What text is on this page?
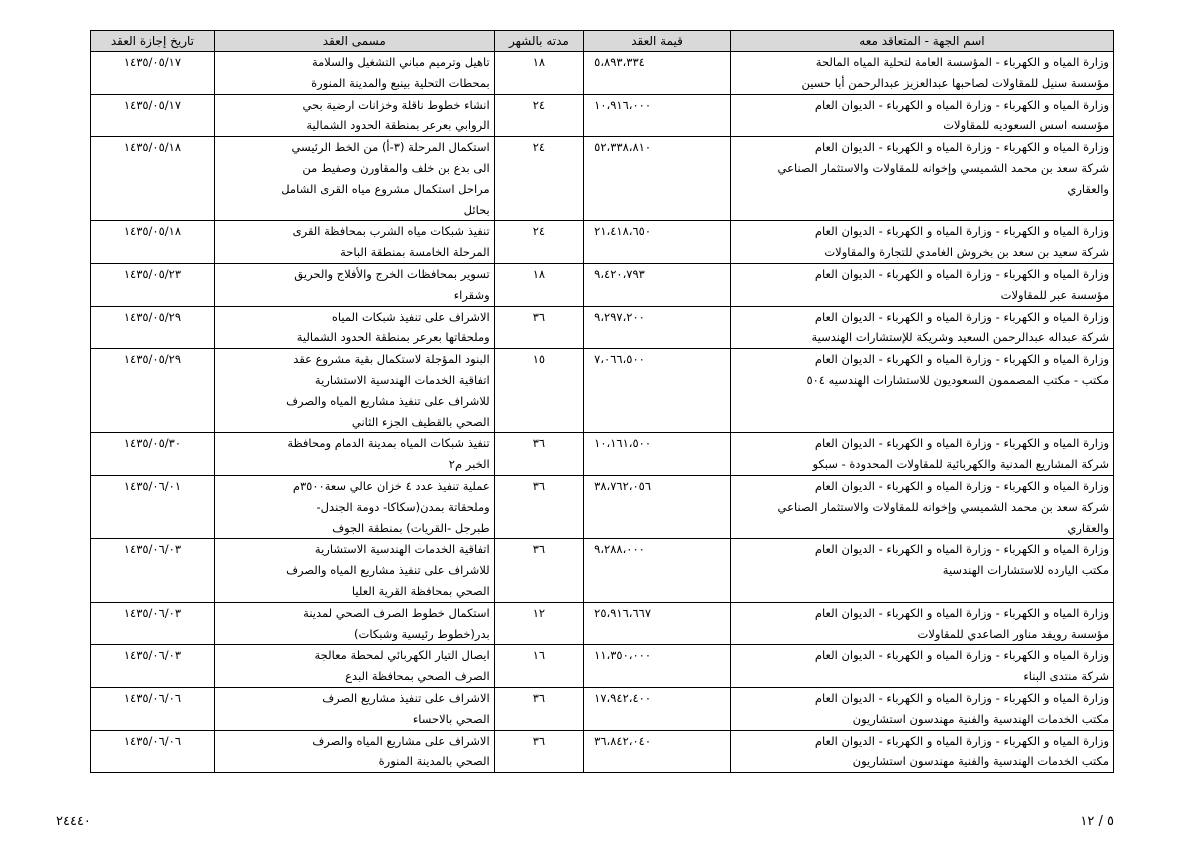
اسم الجهة - المتعاقد معه	قيمة العقد	مدته بالشهر	مسمى العقد	تاريخ إجازة العقد

وزارة المياه و الكهرباء - المؤسسة العامة لتحلية المياه المالحة
مؤسسة سنيل للمقاولات لصاحبها عبدالعزيز عبدالرحمن أبا حسين	٥،٨٩٣،٣٣٤	١٨	تاهيل وترميم مباني التشغيل والسلامة
بمحطات التحلية بينبع والمدينة المنورة	١٤٣٥/٠٥/١٧

وزارة المياه و الكهرباء - وزارة المياه و الكهرباء - الديوان العام
مؤسسه اسس السعوديه للمقاولات	١٠،٩١٦،٠٠٠	٢٤	انشاء خطوط ناقلة وخزانات ارضية بحي
الروابي بعرعر بمنطقة الحدود الشمالية	١٤٣٥/٠٥/١٧

وزارة المياه و الكهرباء - وزارة المياه و الكهرباء - الديوان العام
شركة سعد بن محمد الشميسي وإخوانه للمقاولات والاستثمار الصناعي
والعقاري	٥٢،٣٣٨،٨١٠	٢٤	استكمال المرحلة (٣-أ) من الخط الرئيسي
الى بدع بن خلف والمقاورن وصفيط من
مراحل استكمال مشروع مياه القرى الشامل
بحائل	١٤٣٥/٠٥/١٨

وزارة المياه و الكهرباء - وزارة المياه و الكهرباء - الديوان العام
شركة سعيد بن سعد بن بخروش الغامدي للتجارة والمقاولات	٢١،٤١٨،٦٥٠	٢٤	تنفيذ شبكات مياه الشرب بمحافظة القرى
المرحلة الخامسة بمنطقة الباحة	١٤٣٥/٠٥/١٨

وزارة المياه و الكهرباء - وزارة المياه و الكهرباء - الديوان العام
مؤسسة عبر للمقاولات	٩،٤٢٠،٧٩٣	١٨	تسوير بمحافظات الخرج والأفلاج والحريق
وشقراء	١٤٣٥/٠٥/٢٣

وزارة المياه و الكهرباء - وزارة المياه و الكهرباء - الديوان العام
شركة عبداله عبدالرحمن السعيد وشريكة للإستشارات الهندسية	٩،٢٩٧،٢٠٠	٣٦	الاشراف على تنفيذ شبكات المياه
وملحقاتها بعرعر بمنطقة الحدود الشمالية	١٤٣٥/٠٥/٢٩

وزارة المياه و الكهرباء - وزارة المياه و الكهرباء - الديوان العام
مكتب - مكتب المصممون السعوديون للاستشارات الهندسيه ٥٠٤	٧،٠٦٦،٥٠٠	١٥	البنود المؤجلة لاستكمال بقية مشروع عقد
اتفاقية الخدمات الهندسية الاستشارية
للاشراف على تنفيذ مشاريع المياه والصرف
الصحي بالقطيف الجزء الثاني	١٤٣٥/٠٥/٢٩

وزارة المياه و الكهرباء - وزارة المياه و الكهرباء - الديوان العام
شركة المشاريع المدنية والكهربائية للمقاولات المحدودة - سبكو	١٠،١٦١،٥٠٠	٣٦	تنفيذ شبكات المياه بمدينة الدمام ومحافظة
الخبر م٢	١٤٣٥/٠٥/٣٠

وزارة المياه و الكهرباء - وزارة المياه و الكهرباء - الديوان العام
شركة سعد بن محمد الشميسي وإخوانه للمقاولات والاستثمار الصناعي
والعقاري	٣٨،٧٦٢،٠٥٦	٣٦	عملية تنفيذ عدد ٤ خزان عالي سعة٣٥٠٠م
وملحقاتة بمدن(سكاكا- دومة الجندل-
طبرجل -القريات) بمنطقة الجوف	١٤٣٥/٠٦/٠١

وزارة المياه و الكهرباء - وزارة المياه و الكهرباء - الديوان العام
مكتب اليارده للاستشارات الهندسية	٩،٢٨٨،٠٠٠	٣٦	اتفاقية الخدمات الهندسية الاستشارية
للاشراف على تنفيذ مشاريع المياه والصرف
الصحي بمحافظة القرية العليا	١٤٣٥/٠٦/٠٣

وزارة المياه و الكهرباء - وزارة المياه و الكهرباء - الديوان العام
مؤسسة رويفد مناور الصاعدي للمقاولات	٢٥،٩١٦،٦٦٧	١٢	استكمال خطوط الصرف الصحي لمدينة
بدر(خطوط رئيسية وشبكات)	١٤٣٥/٠٦/٠٣

وزارة المياه و الكهرباء - وزارة المياه و الكهرباء - الديوان العام
شركة منتدى البناء	١١،٣٥٠،٠٠٠	١٦	ايصال التيار الكهربائي لمحطة معالجة
الصرف الصحي بمحافظة البدع	١٤٣٥/٠٦/٠٣

وزارة المياه و الكهرباء - وزارة المياه و الكهرباء - الديوان العام
مكتب الخدمات الهندسية والفنية مهندسون استشاريون	١٧،٩٤٢،٤٠٠	٣٦	الاشراف على تنفيذ مشاريع الصرف
الصحي بالاحساء	١٤٣٥/٠٦/٠٦

وزارة المياه و الكهرباء - وزارة المياه و الكهرباء - الديوان العام
مكتب الخدمات الهندسية والفنية مهندسون استشاريون	٣٦،٨٤٢،٠٤٠	٣٦	الاشراف على مشاريع المياه والصرف
الصحي بالمدينة المنورة	١٤٣٥/٠٦/٠٦
٥ / ١٢
٢٤٤٤٠
